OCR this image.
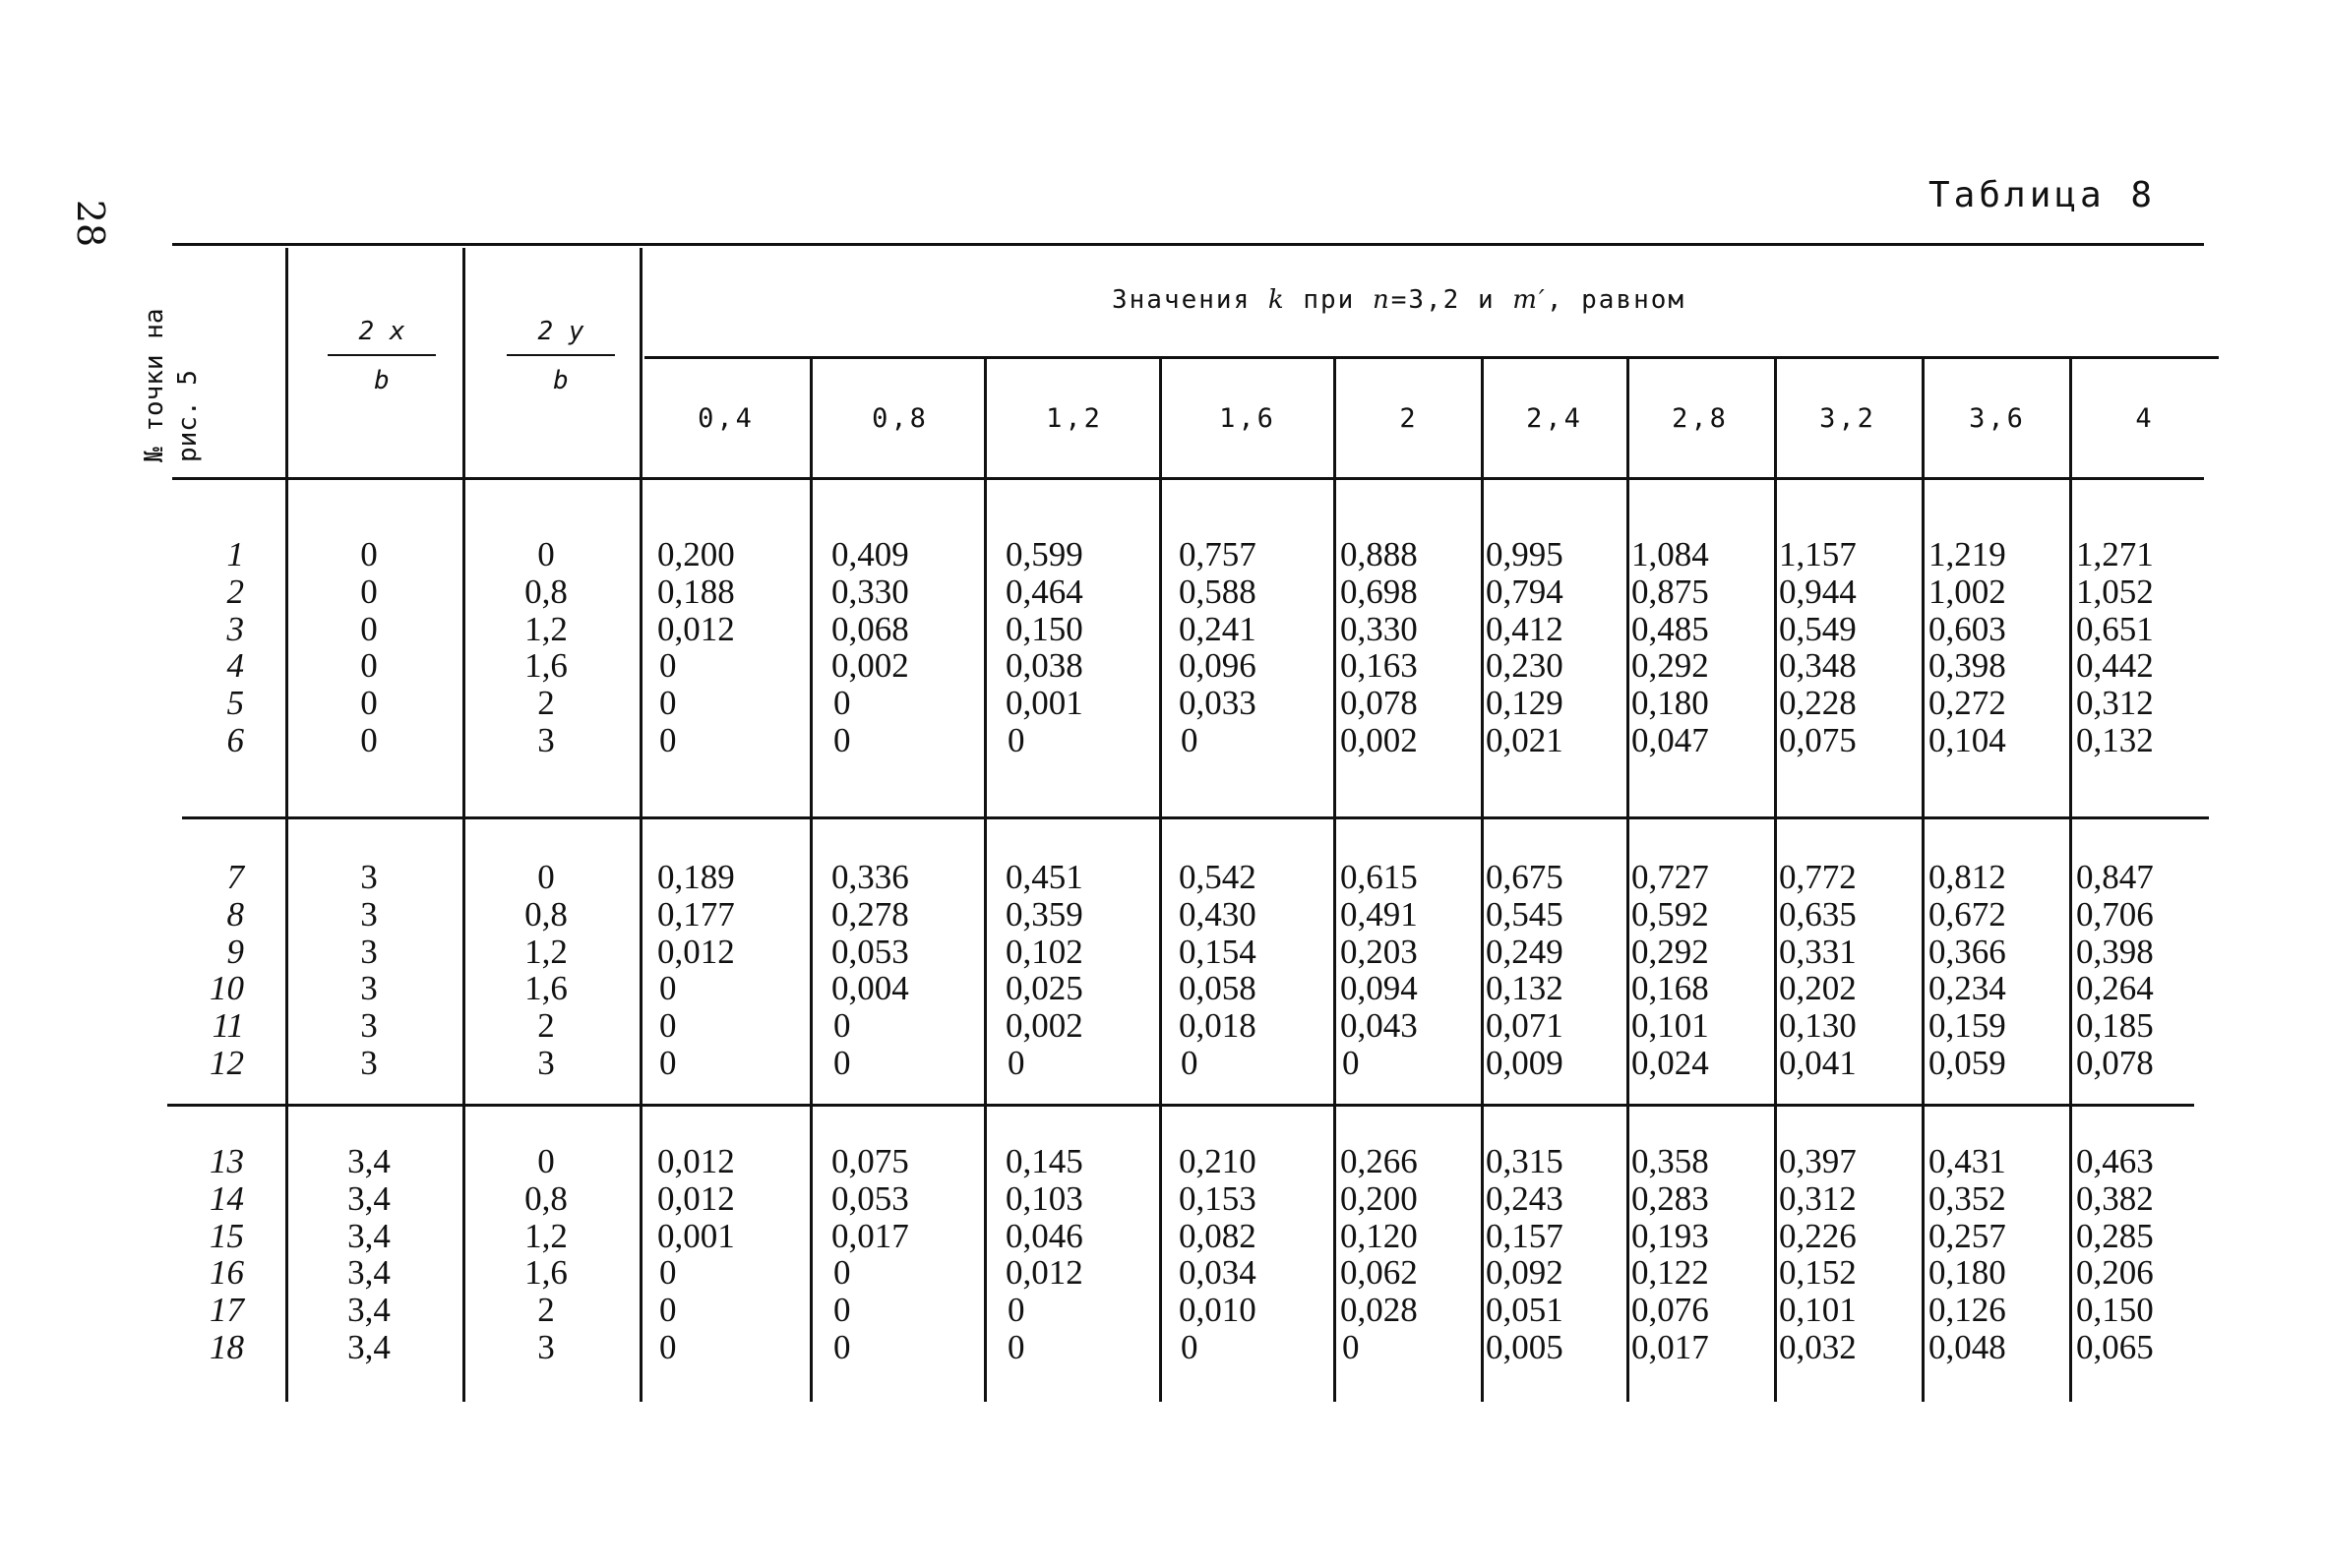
28
Таблица 8
№ точки на рис. 5
2 x
b
2 y
b
Значения k при n=3,2 и m′, равном
0,4	0,8	1,2	1,6	2	2,4	2,8	3,2	3,6	4
1	0	0	0,200	0,409	0,599	0,757	0,888	0,995	1,084	1,157	1,219	1,271
2	0	0,8	0,188	0,330	0,464	0,588	0,698	0,794	0,875	0,944	1,002	1,052
3	0	1,2	0,012	0,068	0,150	0,241	0,330	0,412	0,485	0,549	0,603	0,651
4	0	1,6	0	0,002	0,038	0,096	0,163	0,230	0,292	0,348	0,398	0,442
5	0	2	0	0	0,001	0,033	0,078	0,129	0,180	0,228	0,272	0,312
6	0	3	0	0	0	0	0,002	0,021	0,047	0,075	0,104	0,132
7	3	0	0,189	0,336	0,451	0,542	0,615	0,675	0,727	0,772	0,812	0,847
8	3	0,8	0,177	0,278	0,359	0,430	0,491	0,545	0,592	0,635	0,672	0,706
9	3	1,2	0,012	0,053	0,102	0,154	0,203	0,249	0,292	0,331	0,366	0,398
10	3	1,6	0	0,004	0,025	0,058	0,094	0,132	0,168	0,202	0,234	0,264
11	3	2	0	0	0,002	0,018	0,043	0,071	0,101	0,130	0,159	0,185
12	3	3	0	0	0	0	0	0,009	0,024	0,041	0,059	0,078
13	3,4	0	0,012	0,075	0,145	0,210	0,266	0,315	0,358	0,397	0,431	0,463
14	3,4	0,8	0,012	0,053	0,103	0,153	0,200	0,243	0,283	0,312	0,352	0,382
15	3,4	1,2	0,001	0,017	0,046	0,082	0,120	0,157	0,193	0,226	0,257	0,285
16	3,4	1,6	0	0	0,012	0,034	0,062	0,092	0,122	0,152	0,180	0,206
17	3,4	2	0	0	0	0,010	0,028	0,051	0,076	0,101	0,126	0,150
18	3,4	3	0	0	0	0	0	0,005	0,017	0,032	0,048	0,065
